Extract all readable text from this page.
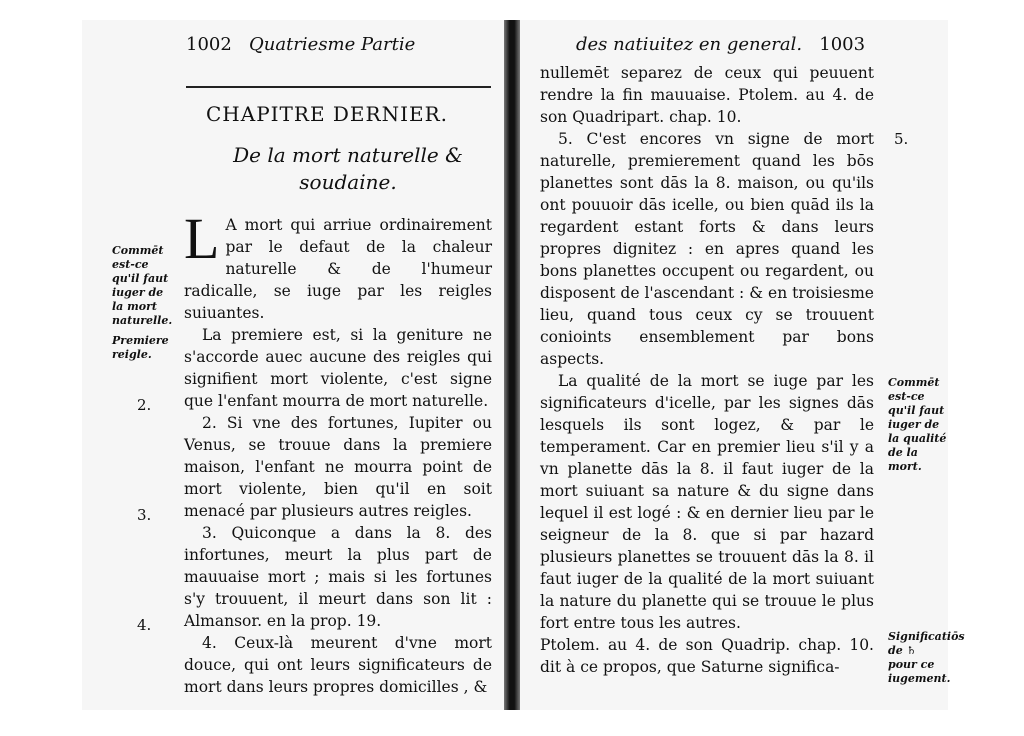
1002 Quatriesme Partie
CHAPITRE DERNIER.
De la mort naturelle & soudaine.
Commēt est-ce qu'il faut iuger de la mort naturelle.
Premiere reigle.
2.
3.
4.

L A mort qui arriue ordinairement par le defaut de la chaleur naturelle & de l'humeur radicalle, se iuge par les reigles suiuantes.

La premiere est, si la geniture ne s'accorde auec aucune des reigles qui signifient mort violente, c'est signe que l'enfant mourra de mort naturelle.

2. Si vne des fortunes, Iupiter ou Venus, se trouue dans la premiere maison, l'enfant ne mourra point de mort violente, bien qu'il en soit menacé par plusieurs autres reigles.

3. Quiconque a dans la 8. des infortunes, meurt la plus part de mauuaise mort ; mais si les fortunes s'y trouuent, il meurt dans son lit : Almansor. en la prop. 19.

4. Ceux-là meurent d'vne mort douce, qui ont leurs significateurs de mort dans leurs propres domicilles , &

des natiuitez en general. 1003
5.
Commēt est-ce qu'il faut iuger de la qualité de la mort.
Significatiōs de ♄ pour ce iugement.

nullemēt separez de ceux qui peuuent rendre la fin mauuaise. Ptolem. au 4. de son Quadripart. chap. 10.

5. C'est encores vn signe de mort naturelle, premierement quand les bōs planettes sont dās la 8. maison, ou qu'ils ont pouuoir dās icelle, ou bien quād ils la regardent estant forts & dans leurs propres dignitez : en apres quand les bons planettes occupent ou regardent, ou disposent de l'ascendant : & en troisiesme lieu, quand tous ceux cy se trouuent conioints ensemblement par bons aspects.

La qualité de la mort se iuge par les significateurs d'icelle, par les signes dās lesquels ils sont logez, & par le temperament. Car en premier lieu s'il y a vn planette dās la 8. il faut iuger de la mort suiuant sa nature & du signe dans lequel il est logé : & en dernier lieu par le seigneur de la 8. que si par hazard plusieurs planettes se trouuent dās la 8. il faut iuger de la qualité de la mort suiuant la nature du planette qui se trouue le plus fort entre tous les autres.

Ptolem. au 4. de son Quadrip. chap. 10. dit à ce propos, que Saturne significa-
